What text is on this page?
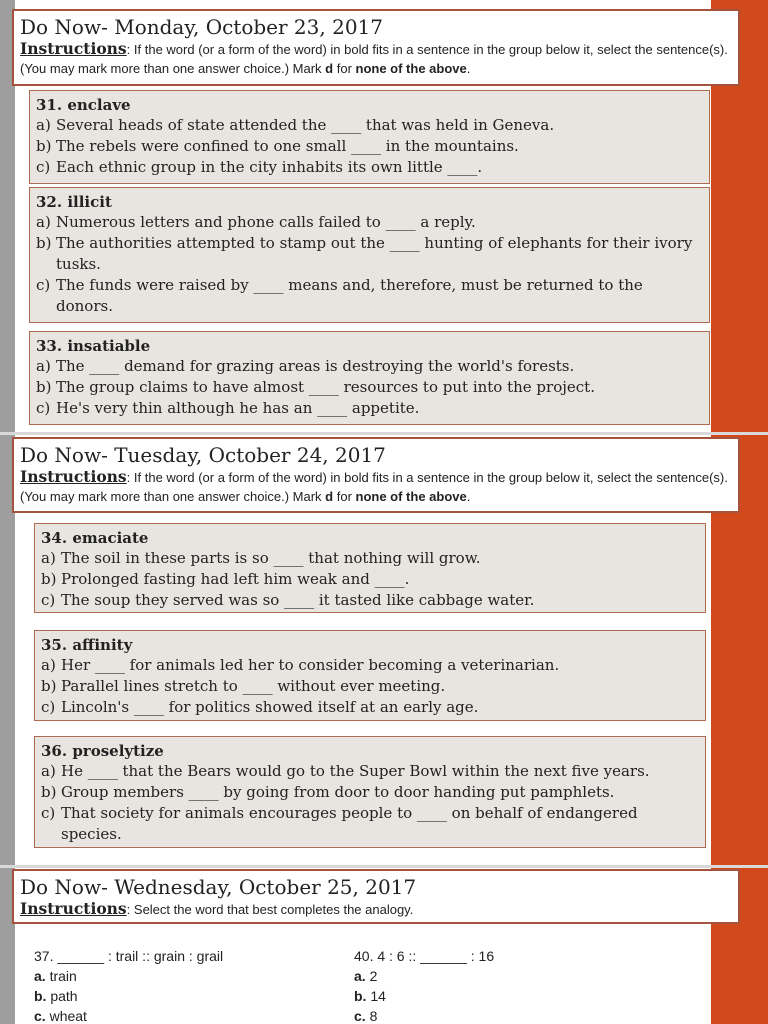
Do Now- Monday, October 23, 2017
Instructions: If the word (or a form of the word) in bold fits in a sentence in the group below it, select the sentence(s). (You may mark more than one answer choice.) Mark d for none of the above.
31. enclave
a) Several heads of state attended the ____ that was held in Geneva.
b) The rebels were confined to one small ____ in the mountains.
c) Each ethnic group in the city inhabits its own little ____.
32. illicit
a) Numerous letters and phone calls failed to ____ a reply.
b) The authorities attempted to stamp out the ____ hunting of elephants for their ivory tusks.
c) The funds were raised by ____ means and, therefore, must be returned to the donors.
33. insatiable
a) The ____ demand for grazing areas is destroying the world's forests.
b) The group claims to have almost ____ resources to put into the project.
c) He's very thin although he has an ____ appetite.
Do Now- Tuesday, October 24, 2017
Instructions: If the word (or a form of the word) in bold fits in a sentence in the group below it, select the sentence(s). (You may mark more than one answer choice.) Mark d for none of the above.
34. emaciate
a) The soil in these parts is so ____ that nothing will grow.
b) Prolonged fasting had left him weak and ____.
c) The soup they served was so ____ it tasted like cabbage water.
35. affinity
a) Her ____ for animals led her to consider becoming a veterinarian.
b) Parallel lines stretch to ____ without ever meeting.
c) Lincoln's ____ for politics showed itself at an early age.
36. proselytize
a) He ____ that the Bears would go to the Super Bowl within the next five years.
b) Group members ____ by going from door to door handing put pamphlets.
c) That society for animals encourages people to ____ on behalf of endangered species.
Do Now- Wednesday, October 25, 2017
Instructions: Select the word that best completes the analogy.
37. ______ : trail :: grain : grail
a. train
b. path
c. wheat
40. 4 : 6 :: ______ : 16
a. 2
b. 14
c. 8
